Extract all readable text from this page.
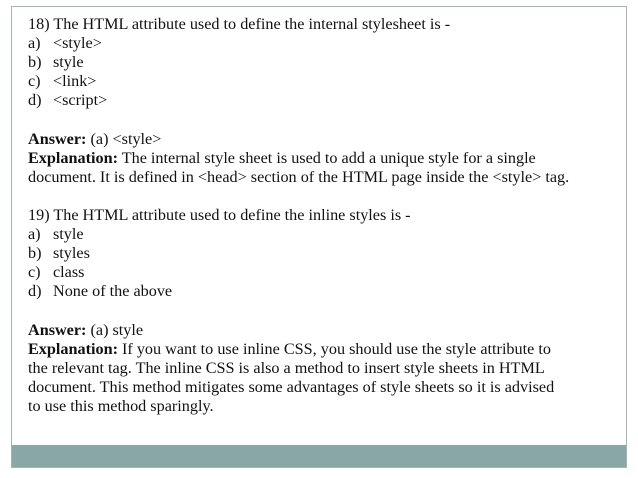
18) The HTML attribute used to define the internal stylesheet is -
a) <style>
b) style
c) <link>
d) <script>
Answer: (a) <style>
Explanation: The internal style sheet is used to add a unique style for a single
document. It is defined in <head> section of the HTML page inside the <style> tag.
19) The HTML attribute used to define the inline styles is -
a) style
b) styles
c) class
d) None of the above
Answer: (a) style
Explanation: If you want to use inline CSS, you should use the style attribute to
the relevant tag. The inline CSS is also a method to insert style sheets in HTML
document. This method mitigates some advantages of style sheets so it is advised
to use this method sparingly.
